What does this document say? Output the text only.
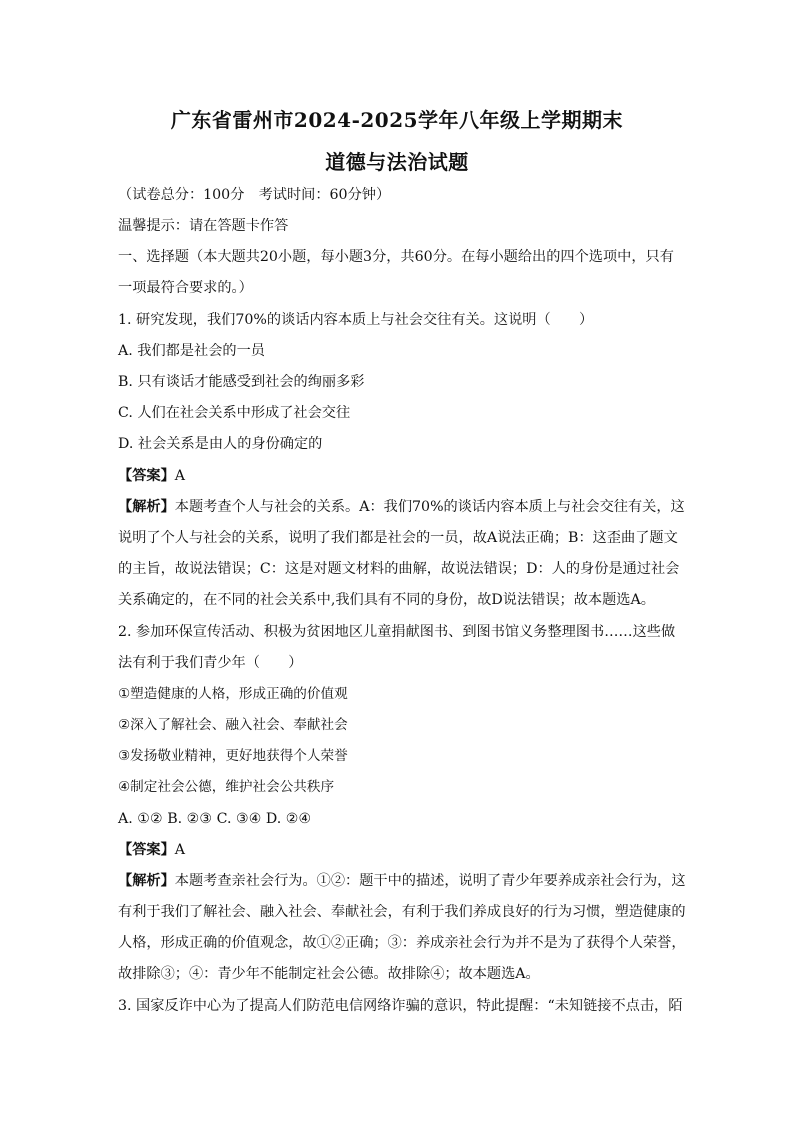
广东省雷州市2024-2025学年八年级上学期期末
道德与法治试题
（试卷总分：100分　考试时间：60分钟）
温馨提示：请在答题卡作答
一、选择题（本大题共20小题，每小题3分，共60分。在每小题给出的四个选项中，只有
一项最符合要求的。）
1. 研究发现，我们70%的谈话内容本质上与社会交往有关。这说明（　　）
A. 我们都是社会的一员
B. 只有谈话才能感受到社会的绚丽多彩
C. 人们在社会关系中形成了社会交往
D. 社会关系是由人的身份确定的
【答案】A
【解析】本题考查个人与社会的关系。A：我们70%的谈话内容本质上与社会交往有关，这
说明了个人与社会的关系，说明了我们都是社会的一员，故A说法正确；B：这歪曲了题文
的主旨，故说法错误；C：这是对题文材料的曲解，故说法错误；D：人的身份是通过社会
关系确定的，在不同的社会关系中,我们具有不同的身份，故D说法错误；故本题选A。
2. 参加环保宣传活动、积极为贫困地区儿童捐献图书、到图书馆义务整理图书……这些做
法有利于我们青少年（　　）
①塑造健康的人格，形成正确的价值观
②深入了解社会、融入社会、奉献社会
③发扬敬业精神，更好地获得个人荣誉
④制定社会公德，维护社会公共秩序
A. ①② B. ②③ C. ③④ D. ②④
【答案】A
【解析】本题考查亲社会行为。①②：题干中的描述，说明了青少年要养成亲社会行为，这
有利于我们了解社会、融入社会、奉献社会，有利于我们养成良好的行为习惯，塑造健康的
人格，形成正确的价值观念，故①②正确；③：养成亲社会行为并不是为了获得个人荣誉，
故排除③；④：青少年不能制定社会公德。故排除④；故本题选A。
3. 国家反诈中心为了提高人们防范电信网络诈骗的意识，特此提醒：“未知链接不点击，陌
